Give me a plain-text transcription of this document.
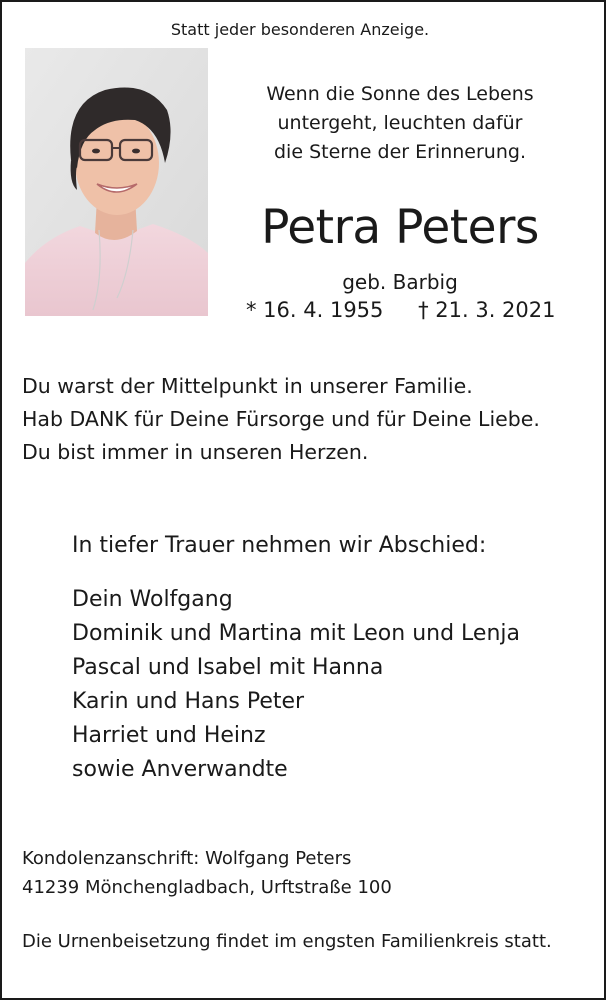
Statt jeder besonderen Anzeige.
Wenn die Sonne des Lebens
untergeht, leuchten dafür
die Sterne der Erinnerung.
Petra Peters
geb. Barbig
* 16. 4. 1955 † 21. 3. 2021
Du warst der Mittelpunkt in unserer Familie.
Hab DANK für Deine Fürsorge und für Deine Liebe.
Du bist immer in unseren Herzen.
In tiefer Trauer nehmen wir Abschied:
Dein Wolfgang
Dominik und Martina mit Leon und Lenja
Pascal und Isabel mit Hanna
Karin und Hans Peter
Harriet und Heinz
sowie Anverwandte
Kondolenzanschrift: Wolfgang Peters
41239 Mönchengladbach, Urftstraße 100
Die Urnenbeisetzung findet im engsten Familienkreis statt.
